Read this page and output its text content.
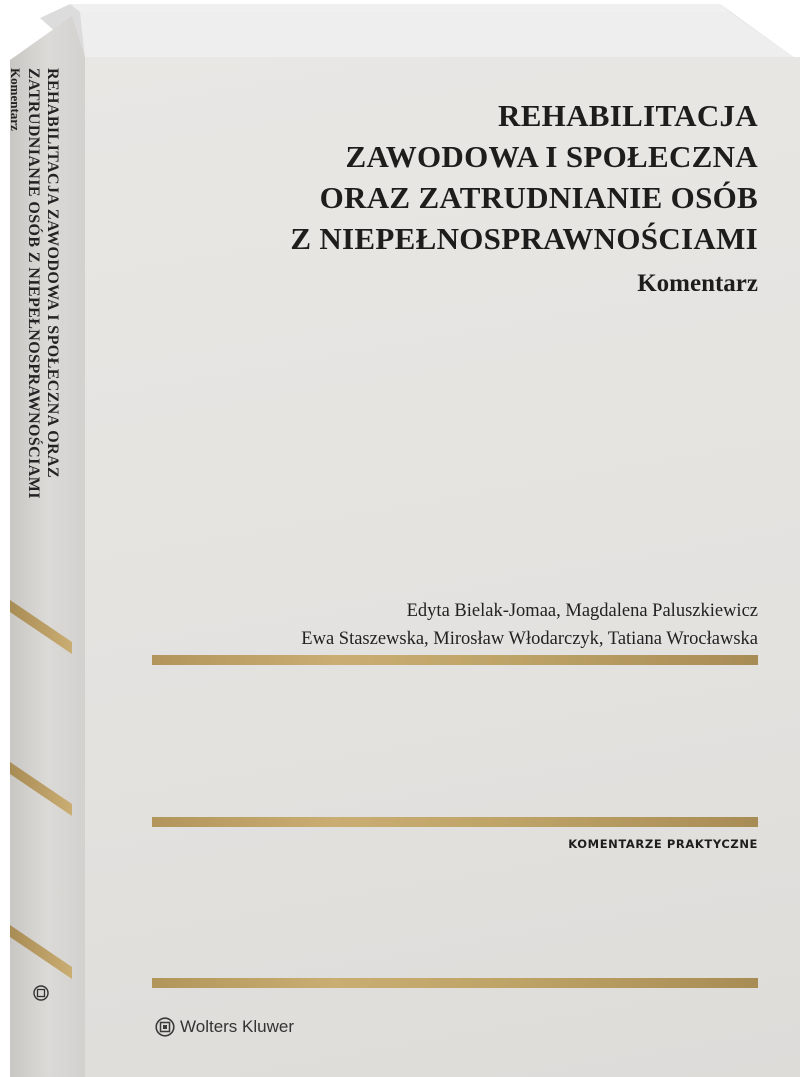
REHABILITACJA ZAWODOWA I SPOŁECZNA ORAZ
ZATRUDNIANIE OSÓB Z NIEPEŁNOSPRAWNOŚCIAMI
Komentarz	REHABILITACJA
ZAWODOWA I SPOŁECZNA
ORAZ ZATRUDNIANIE OSÓB
Z NIEPEŁNOSPRAWNOŚCIAMI
Komentarz
Edyta Bielak-Jomaa, Magdalena Paluszkiewicz
Ewa Staszewska, Mirosław Włodarczyk, Tatiana Wrocławska
KOMENTARZE PRAKTYCZNE
Wolters Kluwer
